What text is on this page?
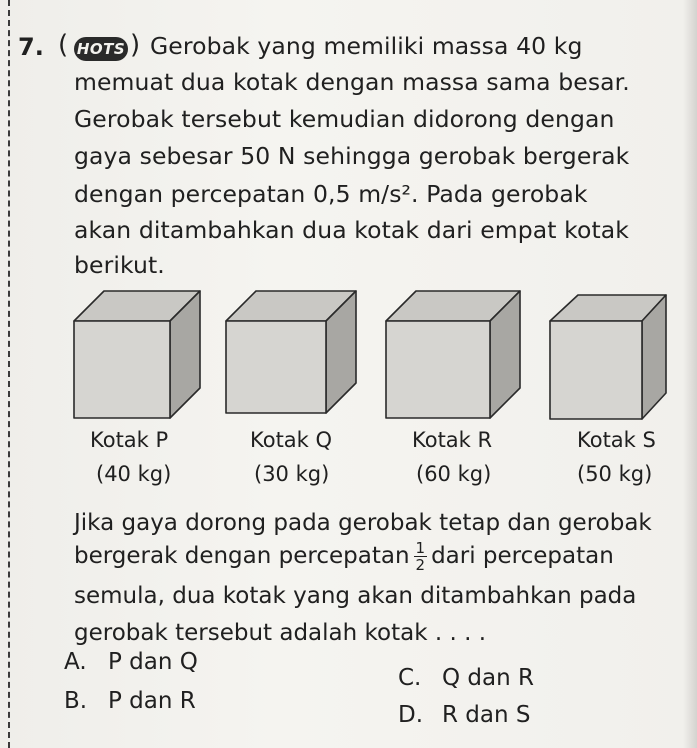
7. ( HOTS ) Gerobak yang memiliki massa 40 kg
memuat dua kotak dengan massa sama besar.
Gerobak tersebut kemudian didorong dengan
gaya sebesar 50 N sehingga gerobak bergerak
dengan percepatan 0,5 m/s². Pada gerobak
akan ditambahkan dua kotak dari empat kotak
berikut.
Kotak P
(40 kg)
Kotak Q
(30 kg)
Kotak R
(60 kg)
Kotak S
(50 kg)
Jika gaya dorong pada gerobak tetap dan gerobak
bergerak dengan percepatan $\frac{1}{2}$ dari percepatan
semula, dua kotak yang akan ditambahkan pada
gerobak tersebut adalah kotak . . . .
A. P dan Q
B. P dan R
C. Q dan R
D. R dan S
